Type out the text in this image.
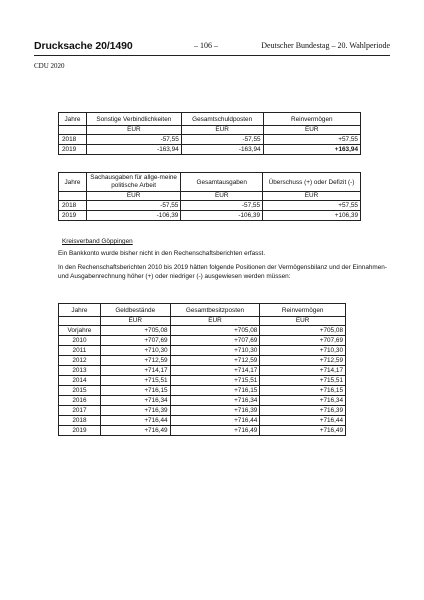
Drucksache 20/1490	– 106 –	Deutscher Bundestag – 20. Wahlperiode
CDU 2020
Jahre	Sonstige Verbindlichkeiten	Gesamtschuldposten	Reinvermögen
	EUR	EUR	EUR
2018	-57,55	-57,55	+57,55
2019	-163,94	-163,94	+163,94
Jahre	Sachausgaben für allge-meine politische Arbeit	Gesamtausgaben	Überschuss (+) oder Defizit (-)
	EUR	EUR	EUR
2018	-57,55	-57,55	+57,55
2019	-106,39	-106,39	+106,39
Kreisverband Göppingen
Ein Bankkonto wurde bisher nicht in den Rechenschaftsberichten erfasst.
In den Rechenschaftsberichten 2010 bis 2019 hätten folgende Positionen der Vermögensbilanz und der Einnahmen- und Ausgabenrechnung höher (+) oder niedriger (-) ausgewiesen werden müssen:
Jahre	Geldbestände	Gesamtbesitzposten	Reinvermögen
	EUR	EUR	EUR
Vorjahre	+705,08	+705,08	+705,08
2010	+707,69	+707,69	+707,69
2011	+710,30	+710,30	+710,30
2012	+712,59	+712,59	+712,59
2013	+714,17	+714,17	+714,17
2014	+715,51	+715,51	+715,51
2015	+716,15	+716,15	+716,15
2016	+716,34	+716,34	+716,34
2017	+716,39	+716,39	+716,39
2018	+716,44	+716,44	+716,44
2019	+716,49	+716,49	+716,49
